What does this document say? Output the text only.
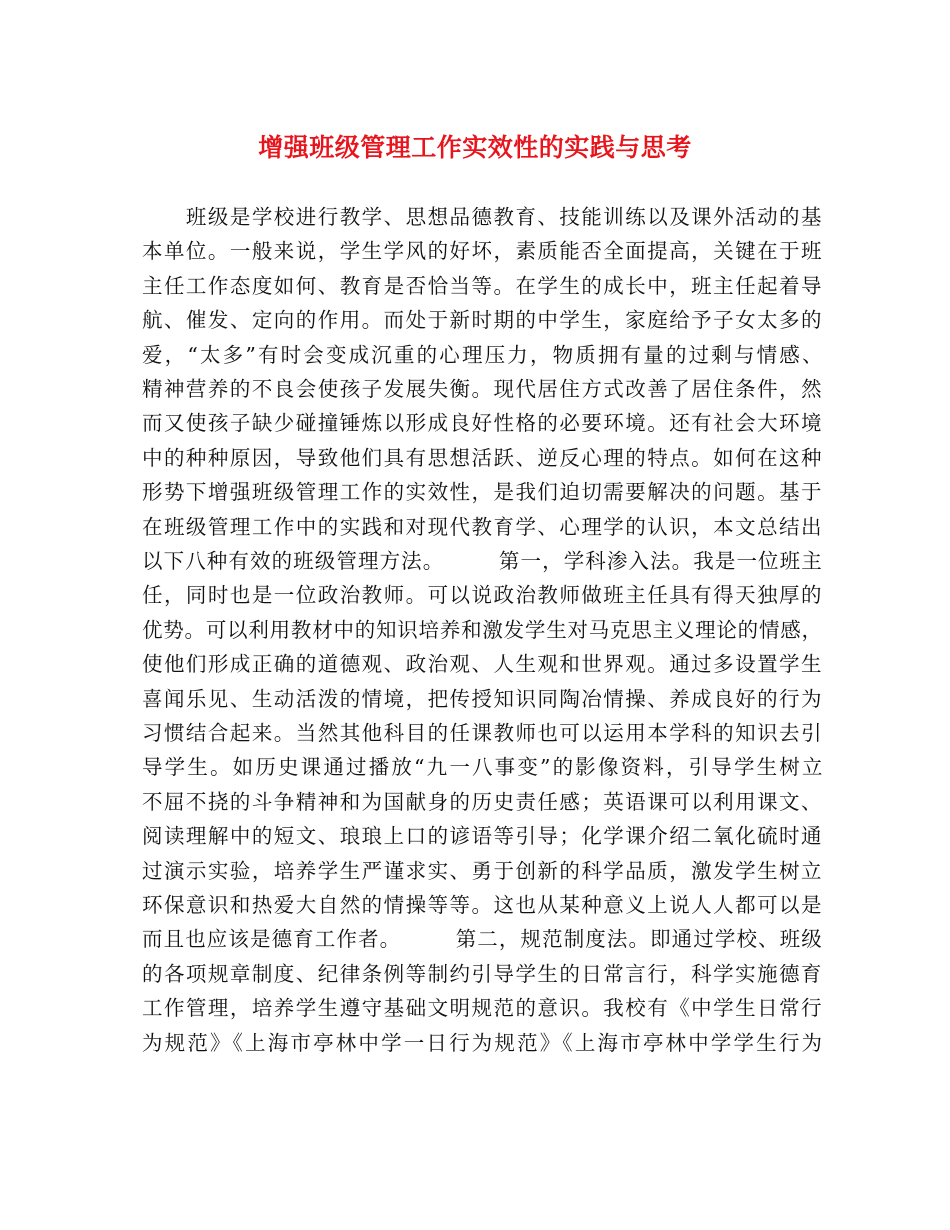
增强班级管理工作实效性的实践与思考
　　班级是学校进行教学、思想品德教育、技能训练以及课外活动的基
本单位。一般来说，学生学风的好坏，素质能否全面提高，关键在于班
主任工作态度如何、教育是否恰当等。在学生的成长中，班主任起着导
航、催发、定向的作用。而处于新时期的中学生，家庭给予子女太多的
爱，“太多”有时会变成沉重的心理压力，物质拥有量的过剩与情感、
精神营养的不良会使孩子发展失衡。现代居住方式改善了居住条件，然
而又使孩子缺少碰撞锤炼以形成良好性格的必要环境。还有社会大环境
中的种种原因，导致他们具有思想活跃、逆反心理的特点。如何在这种
形势下增强班级管理工作的实效性，是我们迫切需要解决的问题。基于
在班级管理工作中的实践和对现代教育学、心理学的认识，本文总结出
以下八种有效的班级管理方法。　　　第一，学科渗入法。我是一位班主
任，同时也是一位政治教师。可以说政治教师做班主任具有得天独厚的
优势。可以利用教材中的知识培养和激发学生对马克思主义理论的情感，
使他们形成正确的道德观、政治观、人生观和世界观。通过多设置学生
喜闻乐见、生动活泼的情境，把传授知识同陶冶情操、养成良好的行为
习惯结合起来。当然其他科目的任课教师也可以运用本学科的知识去引
导学生。如历史课通过播放“九一八事变”的影像资料，引导学生树立
不屈不挠的斗争精神和为国献身的历史责任感；英语课可以利用课文、
阅读理解中的短文、琅琅上口的谚语等引导；化学课介绍二氧化硫时通
过演示实验，培养学生严谨求实、勇于创新的科学品质，激发学生树立
环保意识和热爱大自然的情操等等。这也从某种意义上说人人都可以是
而且也应该是德育工作者。　　　第二，规范制度法。即通过学校、班级
的各项规章制度、纪律条例等制约引导学生的日常言行，科学实施德育
工作管理，培养学生遵守基础文明规范的意识。我校有《中学生日常行
为规范》《上海市亭林中学一日行为规范》《上海市亭林中学学生行为
